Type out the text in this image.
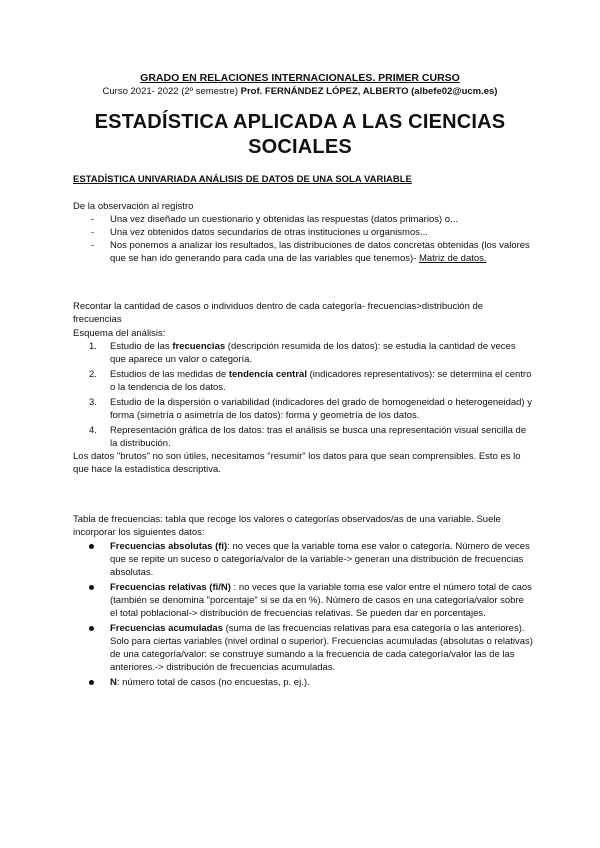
GRADO EN RELACIONES INTERNACIONALES. PRIMER CURSO
Curso 2021- 2022 (2º semestre) Prof. FERNÁNDEZ LÓPEZ, ALBERTO (albefe02@ucm.es)
ESTADÍSTICA APLICADA A LAS CIENCIAS SOCIALES
ESTADÍSTICA UNIVARIADA ANÁLISIS DE DATOS DE UNA SOLA VARIABLE
De la observación al registro
- Una vez diseñado un cuestionario y obtenidas las respuestas (datos primarios) o...
- Una vez obtenidos datos secundarios de otras instituciones u organismos...
- Nos ponemos a analizar los resultados, las distribuciones de datos concretas obtenidas (los valores que se han ido generando para cada una de las variables que tenemos)- Matriz de datos.
Recontar la cantidad de casos o individuos dentro de cada categoría- frecuencias>distribución de frecuencias
Esquema del análisis:
1. Estudio de las frecuencias (descripción resumida de los datos): se estudia la cantidad de veces que aparece un valor o categoría.
2. Estudios de las medidas de tendencia central (indicadores representativos): se determina el centro o la tendencia de los datos.
3. Estudio de la dispersión o variabilidad (indicadores del grado de homogeneidad o heterogeneidad) y forma (simetría o asimetría de los datos): forma y geometría de los datos.
4. Representación gráfica de los datos: tras el análisis se busca una representación visual sencilla de la distribución.
Los datos "brutos" no son útiles, necesitamos "resumir" los datos para que sean comprensibles. Esto es lo que hace la estadística descriptiva.
Tabla de frecuencias: tabla que recoge los valores o categorías observados/as de una variable. Suele incorporar los siguientes datos:
Frecuencias absolutas (fi): no veces que la variable toma ese valor o categoría. Número de veces que se repite un suceso o categoría/valor de la variable-> generan una distribución de frecuencias absolutas.
Frecuencias relativas (fi/N) : no veces que la variable toma ese valor entre el número total de caos (también se denomina "porcentaje" si se da en %). Número de casos en una categoría/valor sobre el total poblacional-> distribución de frecuencias relativas. Se pueden dar en porcentajes.
Frecuencias acumuladas (suma de las frecuencias relativas para esa categoría o las anteriores). Solo para ciertas variables (nivel ordinal o superior). Frecuencias acumuladas (absolutas o relativas) de una categoría/valor: se construye sumando a la frecuencia de cada categoría/valor las de las anteriores.-> distribución de frecuencias acumuladas.
N: número total de casos (no encuestas, p. ej.).
